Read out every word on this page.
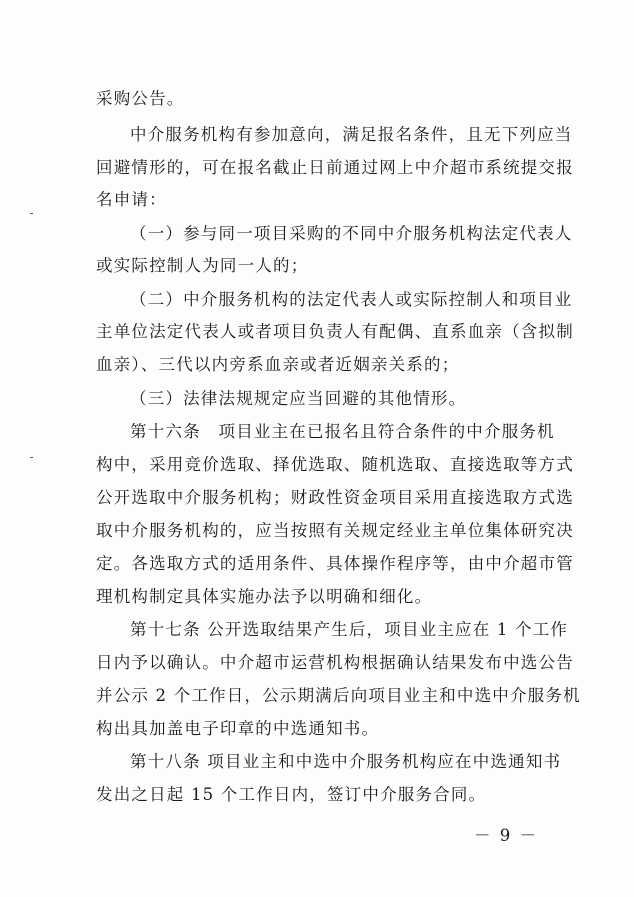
采购公告。
中介服务机构有参加意向，满足报名条件，且无下列应当
回避情形的，可在报名截止日前通过网上中介超市系统提交报
名申请：
（一）参与同一项目采购的不同中介服务机构法定代表人
或实际控制人为同一人的；
（二）中介服务机构的法定代表人或实际控制人和项目业
主单位法定代表人或者项目负责人有配偶、直系血亲（含拟制
血亲）、三代以内旁系血亲或者近姻亲关系的；
（三）法律法规规定应当回避的其他情形。
第十六条　项目业主在已报名且符合条件的中介服务机
构中，采用竞价选取、择优选取、随机选取、直接选取等方式
公开选取中介服务机构；财政性资金项目采用直接选取方式选
取中介服务机构的，应当按照有关规定经业主单位集体研究决
定。各选取方式的适用条件、具体操作程序等，由中介超市管
理机构制定具体实施办法予以明确和细化。
第十七条 公开选取结果产生后，项目业主应在 1 个工作
日内予以确认。中介超市运营机构根据确认结果发布中选公告
并公示 2 个工作日，公示期满后向项目业主和中选中介服务机
构出具加盖电子印章的中选通知书。
第十八条 项目业主和中选中介服务机构应在中选通知书
发出之日起 15 个工作日内，签订中介服务合同。
－ 9 －
